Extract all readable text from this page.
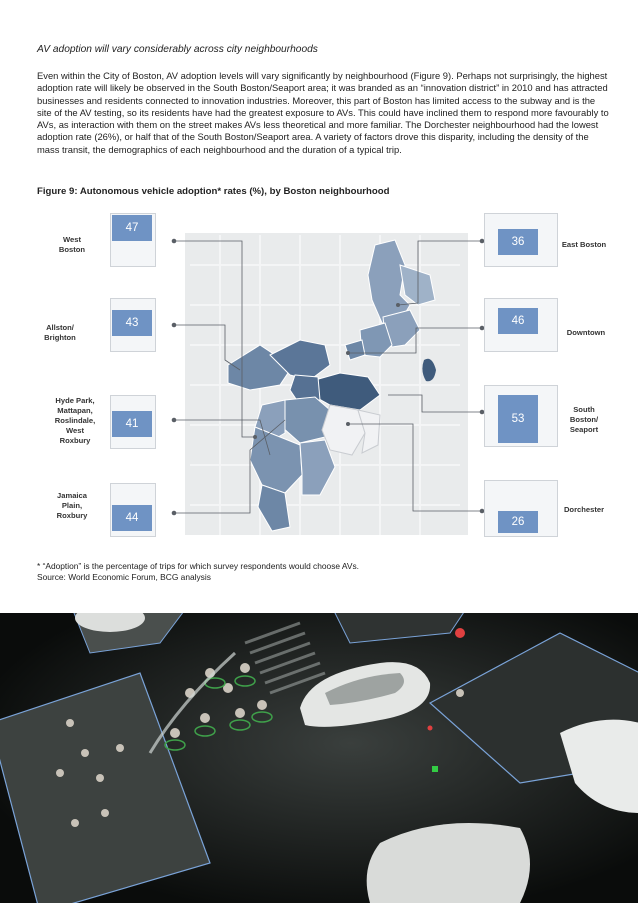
AV adoption will vary considerably across city neighbourhoods

Even within the City of Boston, AV adoption levels will vary significantly by neighbourhood (Figure 9). Perhaps not surprisingly, the highest adoption rate will likely be observed in the South Boston/Seaport area; it was branded as an “innovation district” in 2010 and has attracted businesses and residents connected to innovation industries. Moreover, this part of Boston has limited access to the subway and is the site of the AV testing, so its residents have had the greatest exposure to AVs. This could have inclined them to respond more favourably to AVs, as interaction with them on the street makes AVs less theoretical and more familiar. The Dorchester neighbourhood had the lowest adoption rate (26%), or half that of the South Boston/Seaport area. A variety of factors drove this disparity, including the density of the mass transit, the demographics of each neighbourhood and the duration of a typical trip.

Figure 9: Autonomous vehicle adoption* rates (%), by Boston neighbourhood
47
West
Boston
43
Allston/
Brighton
41
Hyde Park,
Mattapan,
Roslindale,
West
Roxbury
44
Jamaica
Plain,
Roxbury
36	East Boston
46
Downtown
53
South
Boston/
Seaport
26
Dorchester
* “Adoption” is the percentage of trips for which survey respondents would choose AVs.
Source: World Economic Forum, BCG analysis
